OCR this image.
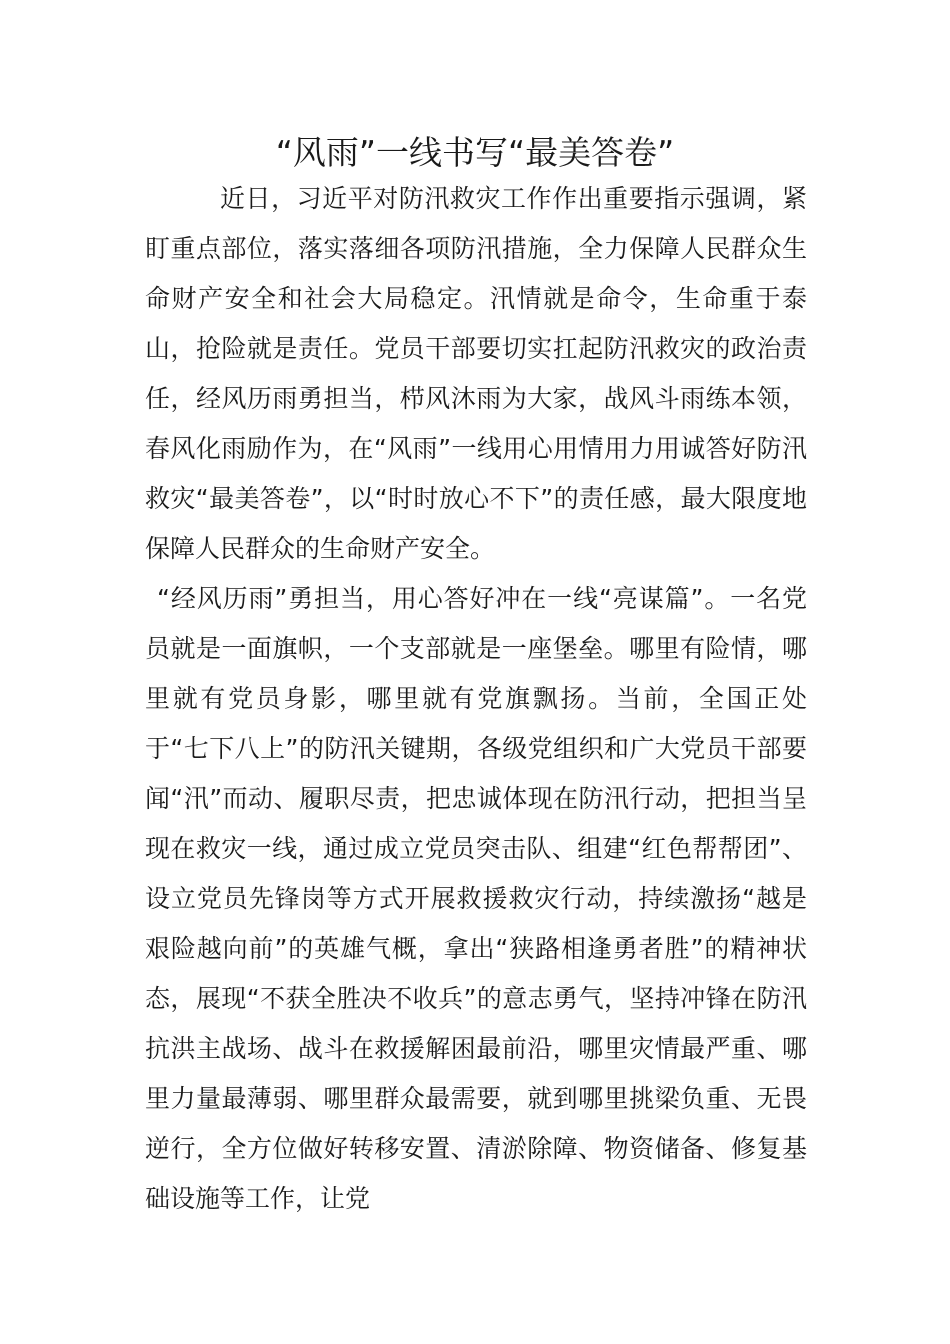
“风雨”一线书写“最美答卷”

近日，习近平对防汛救灾工作作出重要指示强调，紧盯重点部位，落实落细各项防汛措施，全力保障人民群众生命财产安全和社会大局稳定。汛情就是命令，生命重于泰山，抢险就是责任。党员干部要切实扛起防汛救灾的政治责任，经风历雨勇担当，栉风沐雨为大家，战风斗雨练本领，春风化雨励作为，在“风雨”一线用心用情用力用诚答好防汛救灾“最美答卷”，以“时时放心不下”的责任感，最大限度地保障人民群众的生命财产安全。

“经风历雨”勇担当，用心答好冲在一线“亮谋篇”。一名党员就是一面旗帜，一个支部就是一座堡垒。哪里有险情，哪里就有党员身影，哪里就有党旗飘扬。当前，全国正处于“七下八上”的防汛关键期，各级党组织和广大党员干部要闻“汛”而动、履职尽责，把忠诚体现在防汛行动，把担当呈现在救灾一线，通过成立党员突击队、组建“红色帮帮团”、设立党员先锋岗等方式开展救援救灾行动，持续激扬“越是艰险越向前”的英雄气概，拿出“狭路相逢勇者胜”的精神状态，展现“不获全胜决不收兵”的意志勇气，坚持冲锋在防汛抗洪主战场、战斗在救援解困最前沿，哪里灾情最严重、哪里力量最薄弱、哪里群众最需要，就到哪里挑梁负重、无畏逆行，全方位做好转移安置、清淤除障、物资储备、修复基础设施等工作，让党
